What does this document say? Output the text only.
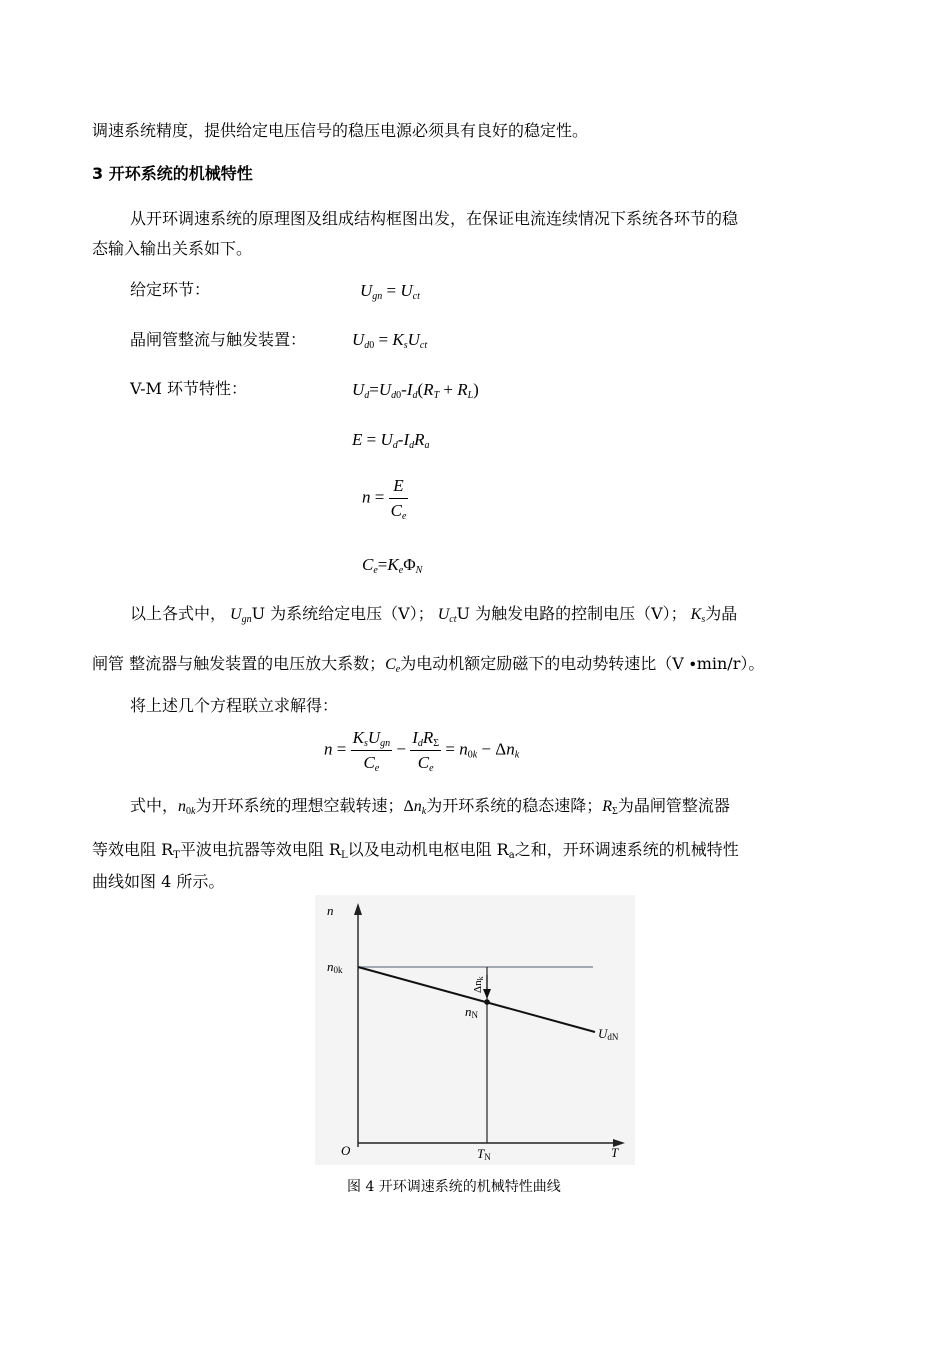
调速系统精度，提供给定电压信号的稳压电源必须具有良好的稳定性。
3 开环系统的机械特性
从开环调速系统的原理图及组成结构框图出发，在保证电流连续情况下系统各环节的稳
态输入输出关系如下。
给定环节：	$U_{gn} = U_{ct}$
晶闸管整流与触发装置：	$U_{d0} = K_sU_{ct}$
V-M 环节特性：	$U_d=U_{d0}-I_d(R_T + R_L)$
$E = U_d-I_dR_a$
$n = \frac{E}{C_e}$
$C_e=K_e\Phi_N$
以上各式中， $U_{gn}U$ 为系统给定电压（V）； $U_{ct}U$ 为触发电路的控制电压（V）； $K_s$为晶
闸管 整流器与触发装置的电压放大系数；$C_e$为电动机额定励磁下的电动势转速比（V ∙min/r）。
将上述几个方程联立求解得：
$n = \frac{K_sU_{gn}}{C_e} - \frac{I_dR_\Sigma}{C_e} = n_{0k} - \Delta n_k$
式中，$n_{0k}$为开环系统的理想空载转速；$\Delta n_k$为开环系统的稳态速降；$R_\Sigma$为晶闸管整流器
等效电阻 $R_T$平波电抗器等效电阻 $R_L$以及电动机电枢电阻 $R_a$之和，开环调速系统的机械特性
曲线如图 4 所示。
n
n0k
nN
Δnk
UdN
O	TN	T
图 4 开环调速系统的机械特性曲线
